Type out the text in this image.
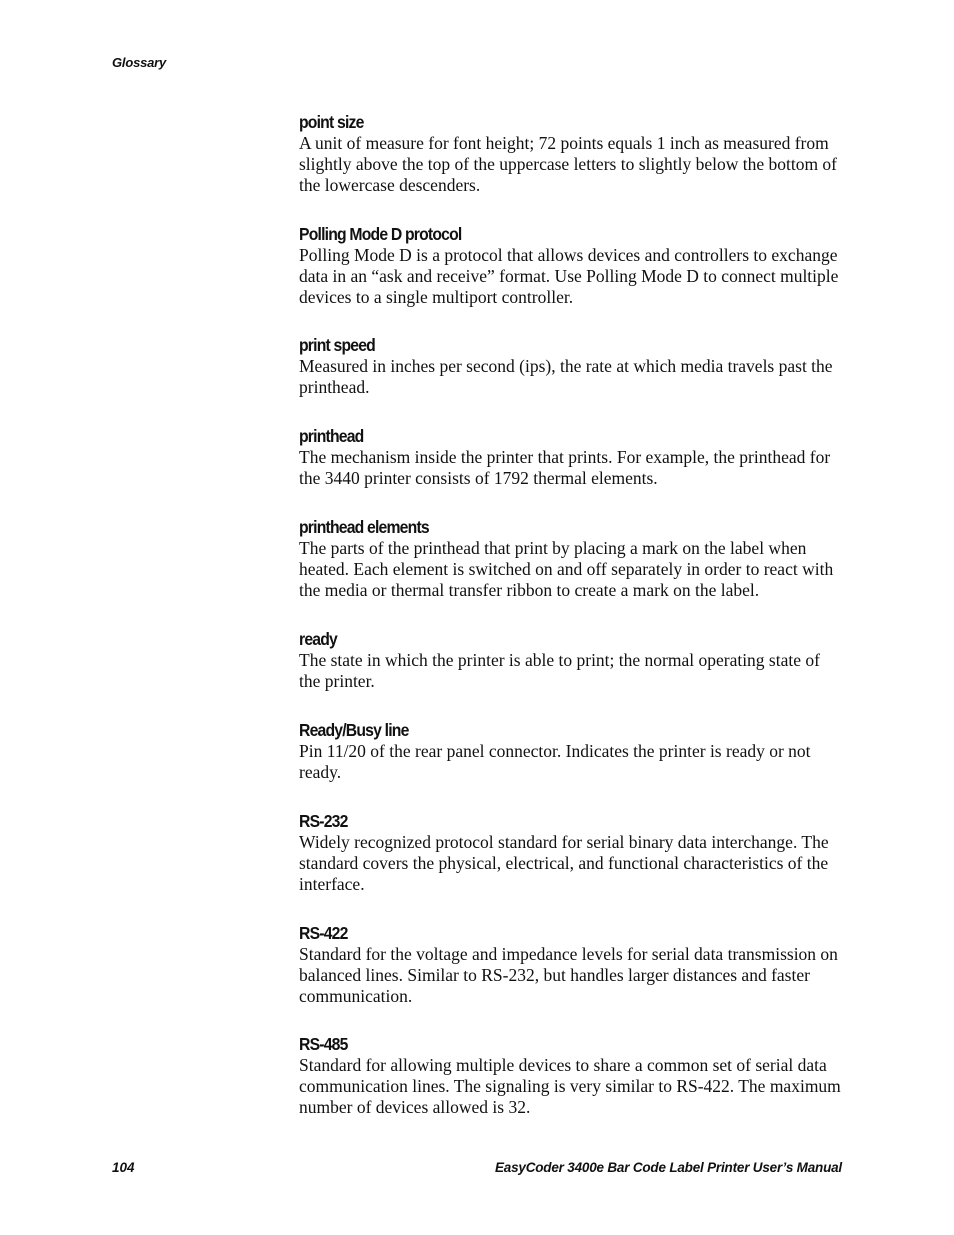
Glossary
point size

A unit of measure for font height; 72 points equals 1 inch as measured from slightly above the top of the uppercase letters to slightly below the bottom of the lowercase descenders.

Polling Mode D protocol

Polling Mode D is a protocol that allows devices and controllers to exchange data in an “ask and receive” format. Use Polling Mode D to connect multiple devices to a single multiport controller.

print speed

Measured in inches per second (ips), the rate at which media travels past the printhead.

printhead

The mechanism inside the printer that prints. For example, the printhead for the 3440 printer consists of 1792 thermal elements.

printhead elements

The parts of the printhead that print by placing a mark on the label when heated. Each element is switched on and off separately in order to react with the media or thermal transfer ribbon to create a mark on the label.

ready

The state in which the printer is able to print; the normal operating state of the printer.

Ready/Busy line

Pin 11/20 of the rear panel connector. Indicates the printer is ready or not ready.

RS-232

Widely recognized protocol standard for serial binary data interchange. The standard covers the physical, electrical, and functional characteristics of the interface.

RS-422

Standard for the voltage and impedance levels for serial data transmission on balanced lines. Similar to RS-232, but handles larger distances and faster communication.

RS-485

Standard for allowing multiple devices to share a common set of serial data communication lines. The signaling is very similar to RS-422. The maximum number of devices allowed is 32.

104	EasyCoder 3400e Bar Code Label Printer User’s Manual
